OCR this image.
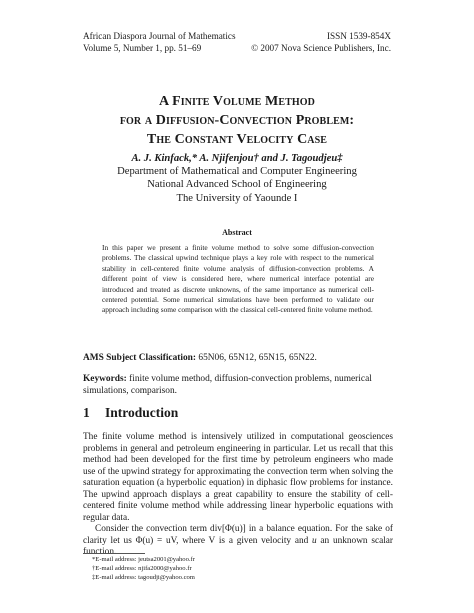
African Diaspora Journal of Mathematics
Volume 5, Number 1, pp. 51–69
ISSN 1539-854X
© 2007 Nova Science Publishers, Inc.
A Finite Volume Method
for a Diffusion-Convection Problem:
The Constant Velocity Case
A. J. Kinfack,* A. Njifenjou† and J. Tagoudjeu‡
Department of Mathematical and Computer Engineering
National Advanced School of Engineering
The University of Yaounde I
Abstract
In this paper we present a finite volume method to solve some diffusion-convection problems. The classical upwind technique plays a key role with respect to the numerical stability in cell-centered finite volume analysis of diffusion-convection problems. A different point of view is considered here, where numerical interface potential are introduced and treated as discrete unknowns, of the same importance as numerical cell-centered potential. Some numerical simulations have been performed to validate our approach including some comparison with the classical cell-centered finite volume method.
AMS Subject Classification: 65N06, 65N12, 65N15, 65N22.
Keywords: finite volume method, diffusion-convection problems, numerical simulations, comparison.
1 Introduction

The finite volume method is intensively utilized in computational geosciences problems in general and petroleum engineering in particular. Let us recall that this method had been developed for the first time by petroleum engineers who made use of the upwind strategy for approximating the convection term when solving the saturation equation (a hyperbolic equation) in diphasic flow problems for instance. The upwind approach displays a great capability to ensure the stability of cell-centered finite volume method while addressing linear hyperbolic equations with regular data.

Consider the convection term div[Φ(u)] in a balance equation. For the sake of clarity let us Φ(u) = uV, where V is a given velocity and u an unknown scalar function.

*E-mail address: jeutsa2001@yahoo.fr
†E-mail address: njifa2000@yahoo.fr
‡E-mail address: tagoudji@yahoo.com
